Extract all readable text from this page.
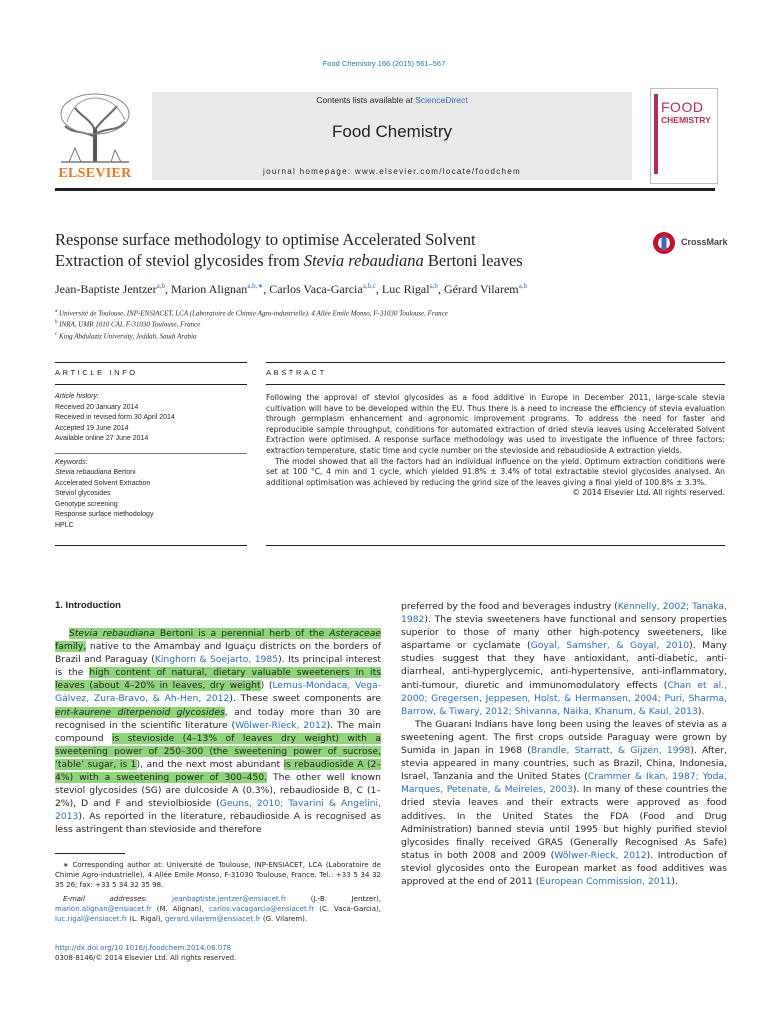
Food Chemistry 166 (2015) 561–567
ELSEVIER
Contents lists available at ScienceDirect
Food Chemistry
journal homepage: www.elsevier.com/locate/foodchem
FOOD
CHEMISTRY
Response surface methodology to optimise Accelerated Solvent
Extraction of steviol glycosides from Stevia rebaudiana Bertoni leaves
CrossMark
Jean-Baptiste Jentzer$^{a,b}$, Marion Alignan$^{a,b,∗}$, Carlos Vaca-Garcia$^{a,b,c}$, Luc Rigal$^{a,b}$, Gérard Vilarem$^{a,b}$
$^a$ Université de Toulouse, INP-ENSIACET, LCA (Laboratoire de Chimie Agro-industrielle), 4 Allée Emile Monso, F-31030 Toulouse, France
$^b$ INRA, UMR 1010 CAI, F-31030 Toulouse, France
$^c$ King Abdulaziz University, Jeddah, Saudi Arabia
ARTICLE INFO	ABSTRACT
Article history:
Received 20 January 2014
Received in revised form 30 April 2014
Accepted 19 June 2014
Available online 27 June 2014
Keywords:
Stevia rebaudiana Bertoni
Accelerated Solvent Extraction
Steviol glycosides
Genotype screening
Response surface methodology
HPLC

Following the approval of steviol glycosides as a food additive in Europe in December 2011, large-scale stevia cultivation will have to be developed within the EU. Thus there is a need to increase the efficiency of stevia evaluation through germplasm enhancement and agronomic improvement programs. To address the need for faster and reproducible sample throughput, conditions for automated extraction of dried stevia leaves using Accelerated Solvent Extraction were optimised. A response surface methodology was used to investigate the influence of three factors: extraction temperature, static time and cycle number on the stevioside and rebaudioside A extraction yields.

The model showed that all the factors had an individual influence on the yield. Optimum extraction conditions were set at 100 °C, 4 min and 1 cycle, which yielded 91.8% ± 3.4% of total extractable steviol glycosides analysed. An additional optimisation was achieved by reducing the grind size of the leaves giving a final yield of 100.8% ± 3.3%.

© 2014 Elsevier Ltd. All rights reserved.

1. Introduction

Stevia rebaudiana Bertoni is a perennial herb of the Asteraceae family, native to the Amambay and Iguaçu districts on the borders of Brazil and Paraguay (Kinghorn & Soejarto, 1985). Its principal interest is the high content of natural, dietary valuable sweeteners in its leaves (about 4–20% in leaves, dry weight) (Lemus-Mondaca, Vega-Gálvez, Zura-Bravo, & Ah-Hen, 2012). These sweet components are ent-kaurene diterpenoid glycosides, and today more than 30 are recognised in the scientific literature (Wölwer-Rieck, 2012). The main compound is stevioside (4–13% of leaves dry weight) with a sweetening power of 250–300 (the sweetening power of sucrose, ‘table’ sugar, is 1), and the next most abundant is rebaudioside A (2–4%) with a sweetening power of 300–450. The other well known steviol glycosides (SG) are dulcoside A (0.3%), rebaudioside B, C (1–2%), D and F and steviolbioside (Geuns, 2010; Tavarini & Angelini, 2013). As reported in the literature, rebaudioside A is recognised as less astringent than stevioside and therefore

∗ Corresponding author at: Université de Toulouse, INP-ENSIACET, LCA (Laboratoire de Chimie Agro-industrielle), 4 Allée Emile Monso, F-31030 Toulouse, France. Tel.: +33 5 34 32 35 26; fax: +33 5 34 32 35 98.
E-mail addresses:	jeanbaptiste.jentzer@ensiacet.fr (J.-B. Jentzer), marion.alignan@ensiacet.fr (M. Alignan), carlos.vacagarcia@ensiacet.fr (C. Vaca-Garcia), luc.rigal@ensiacet.fr (L. Rigal), gerard.vilarem@ensiacet.fr (G. Vilarem).
http://dx.doi.org/10.1016/j.foodchem.2014.06.078
0308-8146/© 2014 Elsevier Ltd. All rights reserved.

preferred by the food and beverages industry (Kennelly, 2002; Tanaka, 1982). The stevia sweeteners have functional and sensory properties superior to those of many other high-potency sweeteners, like aspartame or cyclamate (Goyal, Samsher, & Goyal, 2010). Many studies suggest that they have antioxidant, anti-diabetic, anti-diarrheal, anti-hyperglycemic, anti-hypertensive, anti-inflammatory, anti-tumour, diuretic and immunomodulatory effects (Chan et al., 2000; Gregersen, Jeppesen, Holst, & Hermansen, 2004; Puri, Sharma, Barrow, & Tiwary, 2012; Shivanna, Naika, Khanum, & Kaul, 2013).

The Guarani Indians have long been using the leaves of stevia as a sweetening agent. The first crops outside Paraguay were grown by Sumida in Japan in 1968 (Brandle, Starratt, & Gijzen, 1998). After, stevia appeared in many countries, such as Brazil, China, Indonesia, Israel, Tanzania and the United States (Crammer & Ikan, 1987; Yoda, Marques, Petenate, & Meireles, 2003). In many of these countries the dried stevia leaves and their extracts were approved as food additives. In the United States the FDA (Food and Drug Administration) banned stevia until 1995 but highly purified steviol glycosides finally received GRAS (Generally Recognised As Safe) status in both 2008 and 2009 (Wölwer-Rieck, 2012). Introduction of steviol glycosides onto the European market as food additives was approved at the end of 2011 (European Commission, 2011).
